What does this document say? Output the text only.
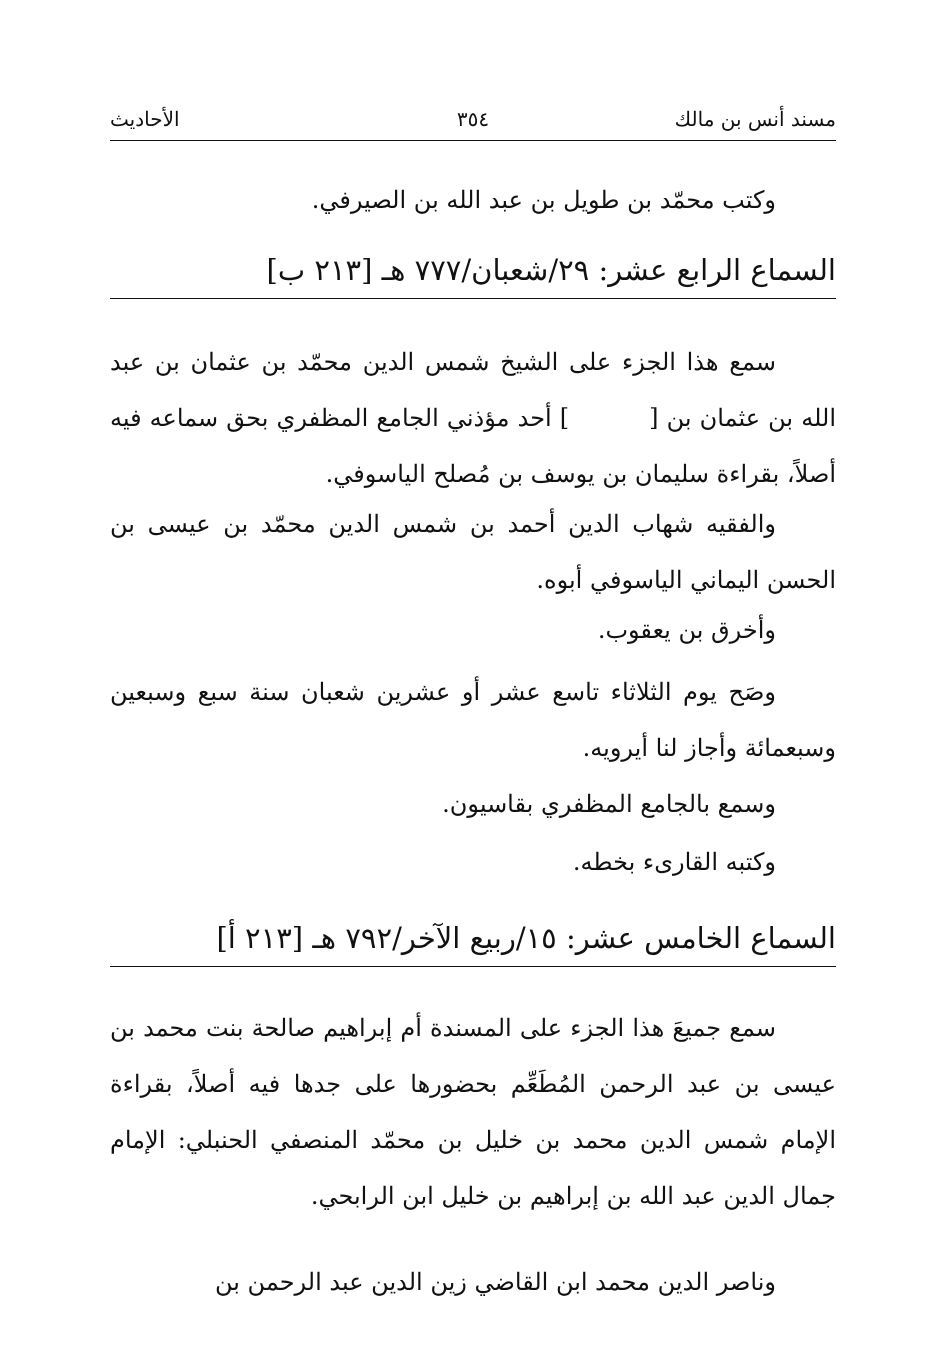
مسند أنس بن مالك
٣٥٤
الأحاديث
وكتب محمّد بن طويل بن عبد الله بن الصيرفي.
السماع الرابع عشر: ٢٩/شعبان/٧٧٧ هـ [٢١٣ ب]
سمع هذا الجزء على الشيخ شمس الدين محمّد بن عثمان بن عبد الله بن عثمان بن [] أحد مؤذني الجامع المظفري بحق سماعه فيه أصلاً، بقراءة سليمان بن يوسف بن مُصلح الياسوفي.
والفقيه شهاب الدين أحمد بن شمس الدين محمّد بن عيسى بن الحسن اليماني الياسوفي أبوه.
وأخرق بن يعقوب.
وصَح يوم الثلاثاء تاسع عشر أو عشرين شعبان سنة سبع وسبعين وسبعمائة وأجاز لنا أيرويه.
وسمع بالجامع المظفري بقاسيون.
وكتبه القارىء بخطه.
السماع الخامس عشر: ١٥/ربيع الآخر/٧٩٢ هـ [٢١٣ أ]
سمع جميعَ هذا الجزء على المسندة أم إبراهيم صالحة بنت محمد بن عيسى بن عبد الرحمن المُطَعِّم بحضورها على جدها فيه أصلاً، بقراءة الإمام شمس الدين محمد بن خليل بن محمّد المنصفي الحنبلي: الإمام جمال الدين عبد الله بن إبراهيم بن خليل ابن الرابحي.
وناصر الدين محمد ابن القاضي زين الدين عبد الرحمن بن
